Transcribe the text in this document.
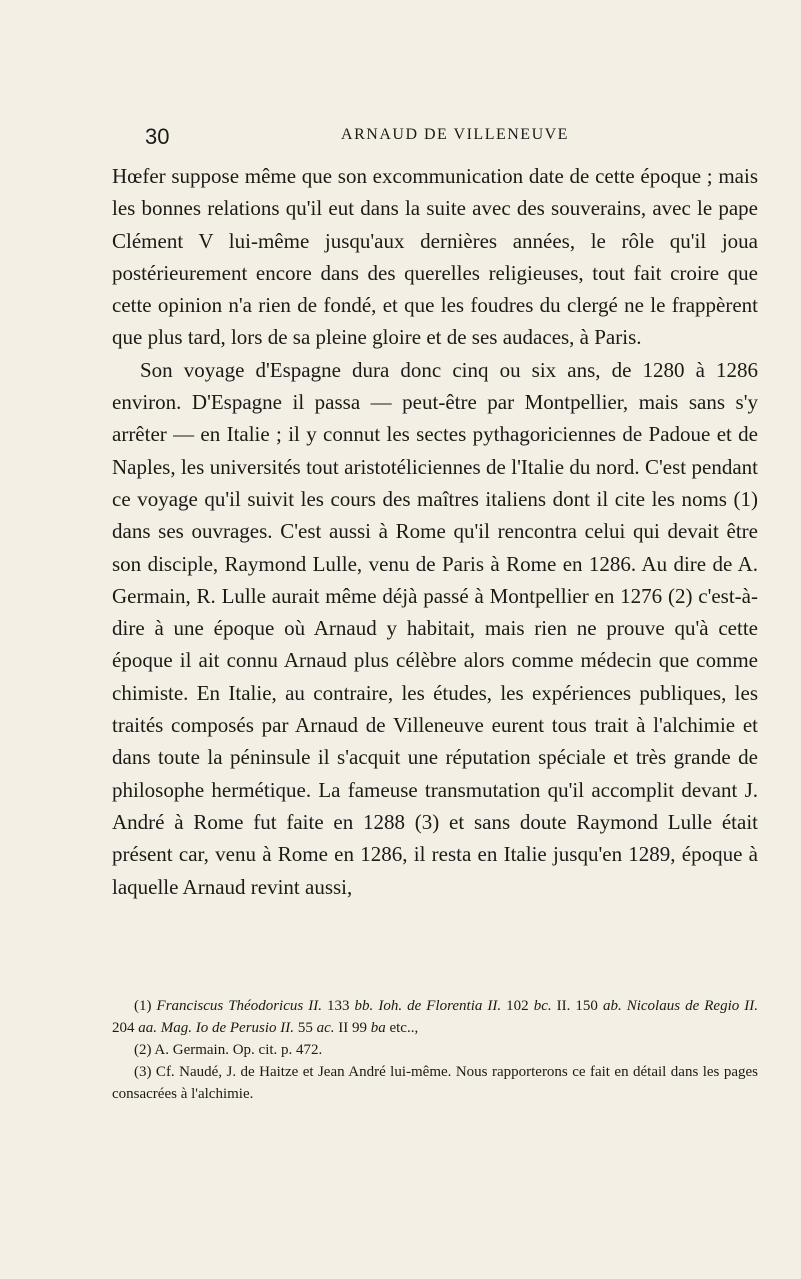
30	ARNAUD DE VILLENEUVE

Hœfer suppose même que son excommunication date de cette époque ; mais les bonnes relations qu'il eut dans la suite avec des souverains, avec le pape Clément V lui-même jusqu'aux dernières années, le rôle qu'il joua postérieurement encore dans des querelles religieuses, tout fait croire que cette opinion n'a rien de fondé, et que les foudres du clergé ne le frappèrent que plus tard, lors de sa pleine gloire et de ses audaces, à Paris.

Son voyage d'Espagne dura donc cinq ou six ans, de 1280 à 1286 environ. D'Espagne il passa — peut-être par Montpellier, mais sans s'y arrêter — en Italie ; il y connut les sectes pythagoriciennes de Padoue et de Naples, les universités tout aristotéliciennes de l'Italie du nord. C'est pendant ce voyage qu'il suivit les cours des maîtres italiens dont il cite les noms (1) dans ses ouvrages. C'est aussi à Rome qu'il rencontra celui qui devait être son disciple, Raymond Lulle, venu de Paris à Rome en 1286. Au dire de A. Germain, R. Lulle aurait même déjà passé à Montpellier en 1276 (2) c'est-à-dire à une époque où Arnaud y habitait, mais rien ne prouve qu'à cette époque il ait connu Arnaud plus célèbre alors comme médecin que comme chimiste. En Italie, au contraire, les études, les expériences publiques, les traités composés par Arnaud de Villeneuve eurent tous trait à l'alchimie et dans toute la péninsule il s'acquit une réputation spéciale et très grande de philosophe hermétique. La fameuse transmutation qu'il accomplit devant J. André à Rome fut faite en 1288 (3) et sans doute Raymond Lulle était présent car, venu à Rome en 1286, il resta en Italie jusqu'en 1289, époque à laquelle Arnaud revint aussi,

(1) Franciscus Théodoricus II. 133 bb. Ioh. de Florentia II. 102 bc. II. 150 ab. Nicolaus de Regio II. 204 aa. Mag. Io de Perusio II. 55 ac. II 99 ba etc..,

(2) A. Germain. Op. cit. p. 472.

(3) Cf. Naudé, J. de Haitze et Jean André lui-même. Nous rapporterons ce fait en détail dans les pages consacrées à l'alchimie.
